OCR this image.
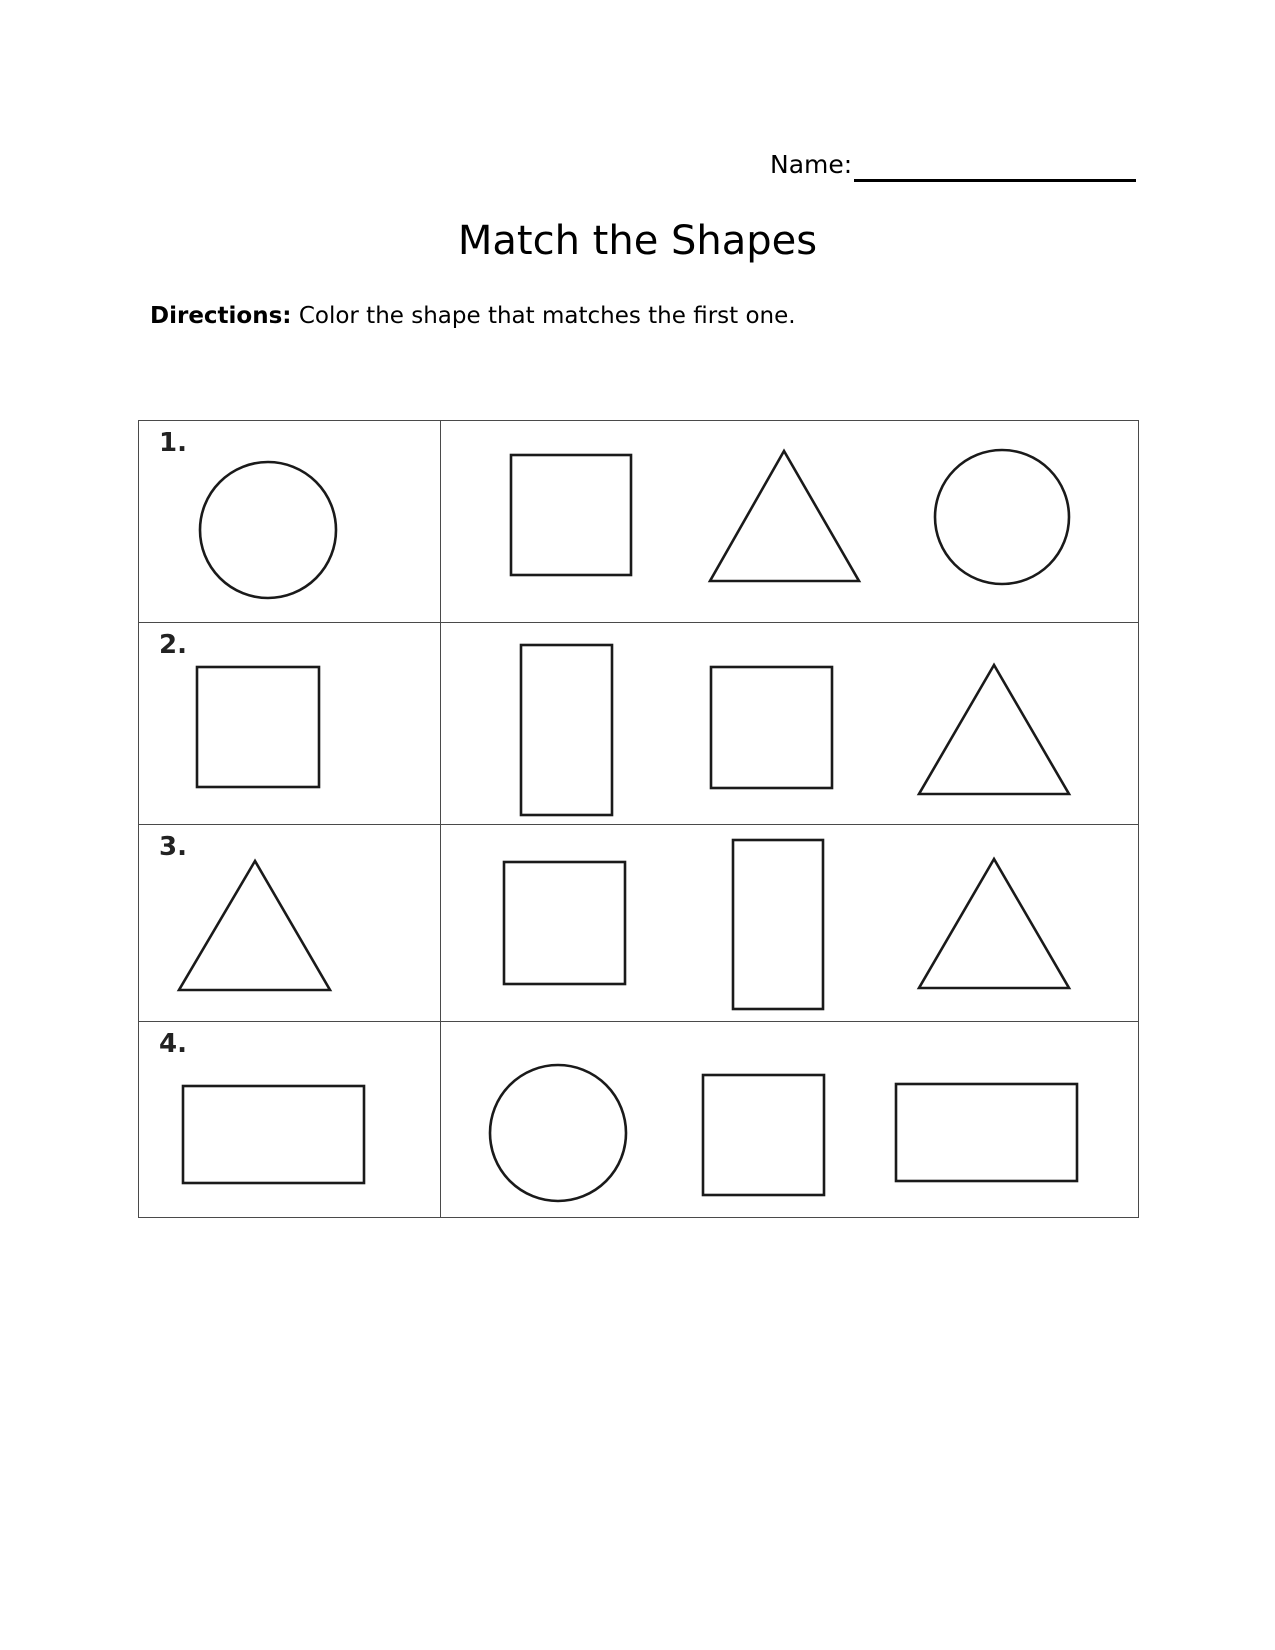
Name:
Match the Shapes
Directions: Color the shape that matches the first one.
1.

2.

3.

4.
